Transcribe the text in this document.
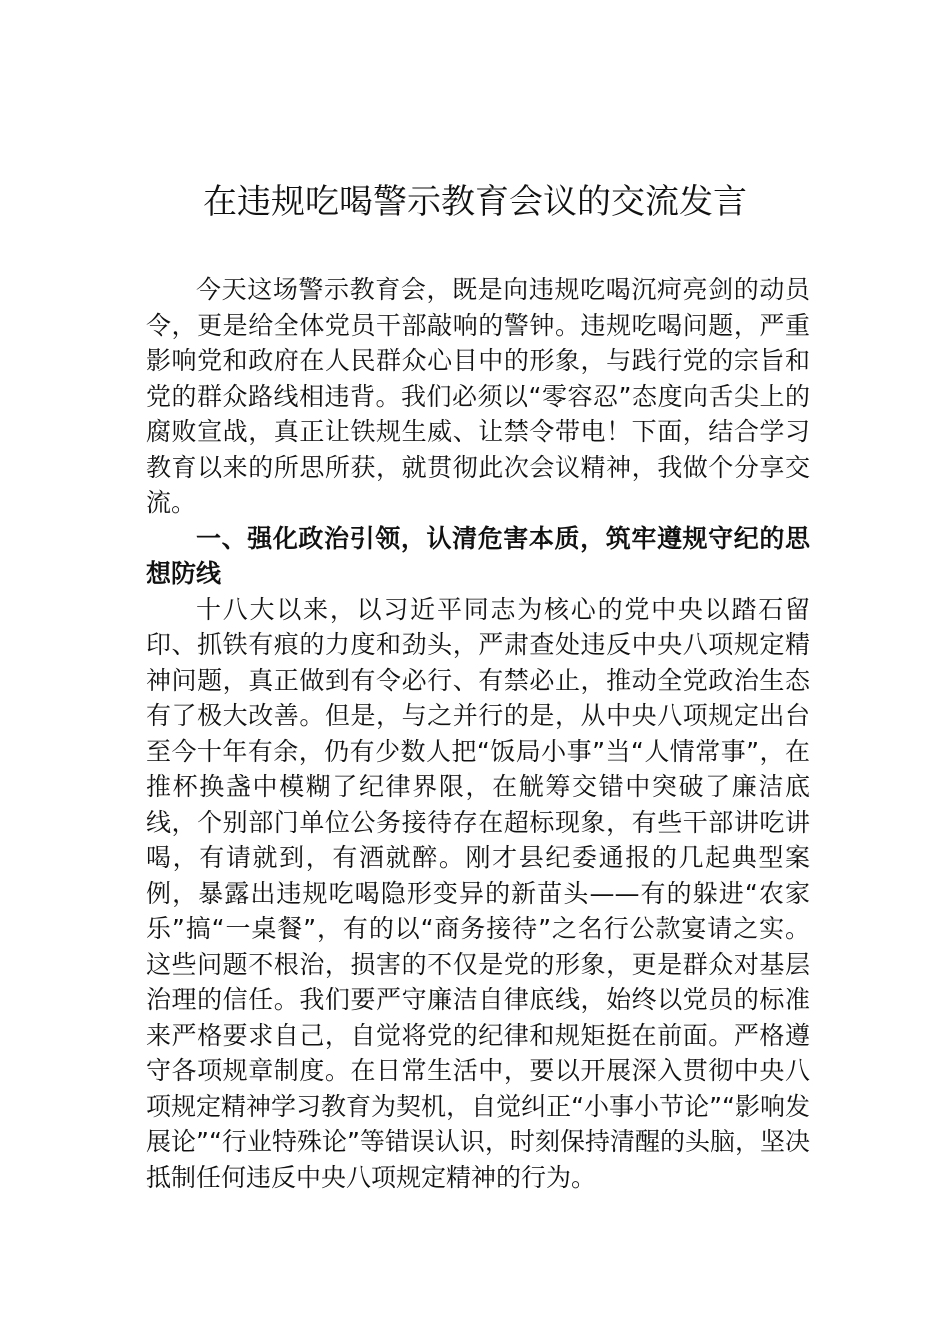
在违规吃喝警示教育会议的交流发言

今天这场警示教育会，既是向违规吃喝沉疴亮剑的动员令，更是给全体党员干部敲响的警钟。违规吃喝问题，严重影响党和政府在人民群众心目中的形象，与践行党的宗旨和党的群众路线相违背。我们必须以“零容忍”态度向舌尖上的腐败宣战，真正让铁规生威、让禁令带电！下面，结合学习教育以来的所思所获，就贯彻此次会议精神，我做个分享交流。

一、强化政治引领，认清危害本质，筑牢遵规守纪的思想防线

十八大以来，以习近平同志为核心的党中央以踏石留印、抓铁有痕的力度和劲头，严肃查处违反中央八项规定精神问题，真正做到有令必行、有禁必止，推动全党政治生态有了极大改善。但是，与之并行的是，从中央八项规定出台至今十年有余，仍有少数人把“饭局小事”当“人情常事”，在推杯换盏中模糊了纪律界限，在觥筹交错中突破了廉洁底线，个别部门单位公务接待存在超标现象，有些干部讲吃讲喝，有请就到，有酒就醉。刚才县纪委通报的几起典型案例，暴露出违规吃喝隐形变异的新苗头——有的躲进“农家乐”搞“一桌餐”，有的以“商务接待”之名行公款宴请之实。这些问题不根治，损害的不仅是党的形象，更是群众对基层治理的信任。我们要严守廉洁自律底线，始终以党员的标准来严格要求自己，自觉将党的纪律和规矩挺在前面。严格遵守各项规章制度。在日常生活中，要以开展深入贯彻中央八项规定精神学习教育为契机，自觉纠正“小事小节论”“影响发展论”“行业特殊论”等错误认识，时刻保持清醒的头脑，坚决抵制任何违反中央八项规定精神的行为。
